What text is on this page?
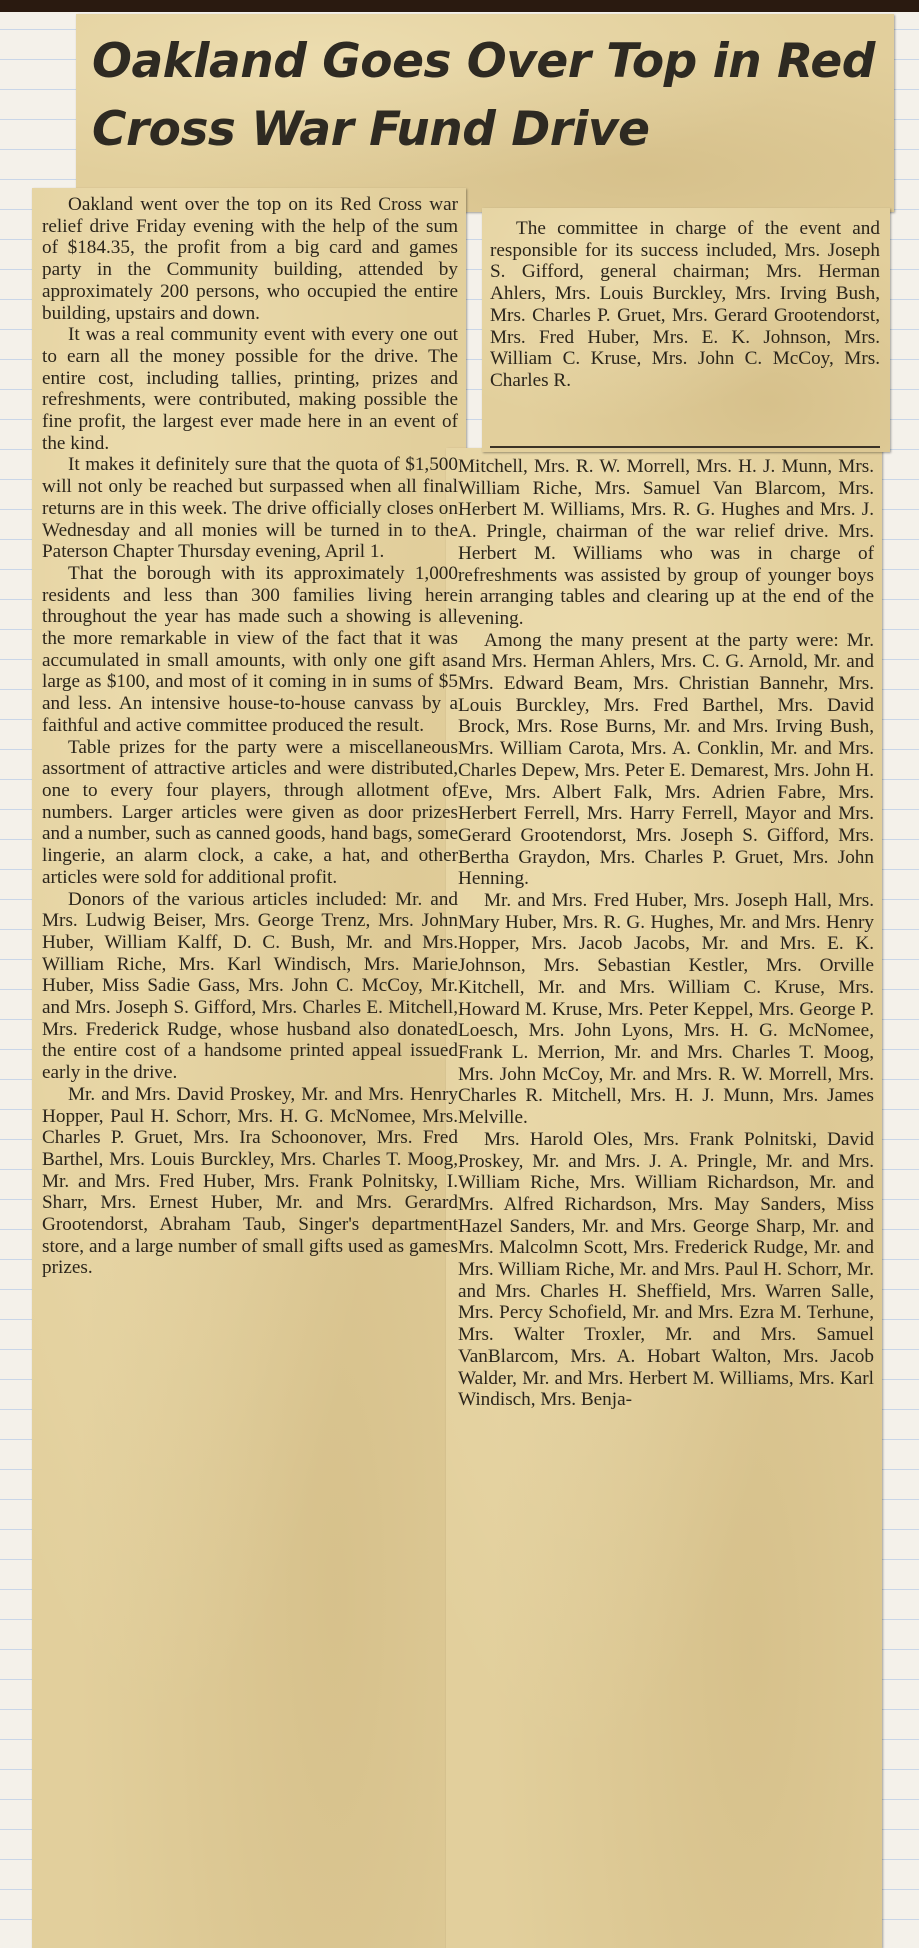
Oakland Goes Over Top in Red Cross War Fund Drive

Oakland went over the top on its Red Cross war relief drive Friday evening with the help of the sum of $184.35, the profit from a big card and games party in the Community building, attended by approximately 200 persons, who occupied the entire building, upstairs and down.

It was a real community event with every one out to earn all the money possible for the drive. The entire cost, including tallies, printing, prizes and refreshments, were contributed, making possible the fine profit, the largest ever made here in an event of the kind.

It makes it definitely sure that the quota of $1,500 will not only be reached but surpassed when all final returns are in this week. The drive officially closes on Wednesday and all monies will be turned in to the Paterson Chapter Thursday evening, April 1.

That the borough with its approximately 1,000 residents and less than 300 families living here throughout the year has made such a showing is all the more remarkable in view of the fact that it was accumulated in small amounts, with only one gift as large as $100, and most of it coming in in sums of $5 and less. An intensive house-to-house canvass by a faithful and active committee produced the result.

Table prizes for the party were a miscellaneous assortment of attractive articles and were distributed, one to every four players, through allotment of numbers. Larger articles were given as door prizes and a number, such as canned goods, hand bags, some lingerie, an alarm clock, a cake, a hat, and other articles were sold for additional profit.

Donors of the various articles included: Mr. and Mrs. Ludwig Beiser, Mrs. George Trenz, Mrs. John Huber, William Kalff, D. C. Bush, Mr. and Mrs. William Riche, Mrs. Karl Windisch, Mrs. Marie Huber, Miss Sadie Gass, Mrs. John C. McCoy, Mr. and Mrs. Joseph S. Gifford, Mrs. Charles E. Mitchell, Mrs. Frederick Rudge, whose husband also donated the entire cost of a handsome printed appeal issued early in the drive.

Mr. and Mrs. David Proskey, Mr. and Mrs. Henry Hopper, Paul H. Schorr, Mrs. H. G. McNomee, Mrs. Charles P. Gruet, Mrs. Ira Schoonover, Mrs. Fred Barthel, Mrs. Louis Burckley, Mrs. Charles T. Moog, Mr. and Mrs. Fred Huber, Mrs. Frank Polnitsky, I. Sharr, Mrs. Ernest Huber, Mr. and Mrs. Gerard Grootendorst, Abraham Taub, Singer's department store, and a large number of small gifts used as games prizes.

The committee in charge of the event and responsible for its success included, Mrs. Joseph S. Gifford, general chairman; Mrs. Herman Ahlers, Mrs. Louis Burckley, Mrs. Irving Bush, Mrs. Charles P. Gruet, Mrs. Gerard Grootendorst, Mrs. Fred Huber, Mrs. E. K. Johnson, Mrs. William C. Kruse, Mrs. John C. McCoy, Mrs. Charles R.

Mitchell, Mrs. R. W. Morrell, Mrs. H. J. Munn, Mrs. William Riche, Mrs. Samuel Van Blarcom, Mrs. Herbert M. Williams, Mrs. R. G. Hughes and Mrs. J. A. Pringle, chairman of the war relief drive. Mrs. Herbert M. Williams who was in charge of refreshments was assisted by group of younger boys in arranging tables and clearing up at the end of the evening.

Among the many present at the party were: Mr. and Mrs. Herman Ahlers, Mrs. C. G. Arnold, Mr. and Mrs. Edward Beam, Mrs. Christian Bannehr, Mrs. Louis Burckley, Mrs. Fred Barthel, Mrs. David Brock, Mrs. Rose Burns, Mr. and Mrs. Irving Bush, Mrs. William Carota, Mrs. A. Conklin, Mr. and Mrs. Charles Depew, Mrs. Peter E. Demarest, Mrs. John H. Eve, Mrs. Albert Falk, Mrs. Adrien Fabre, Mrs. Herbert Ferrell, Mrs. Harry Ferrell, Mayor and Mrs. Gerard Grootendorst, Mrs. Joseph S. Gifford, Mrs. Bertha Graydon, Mrs. Charles P. Gruet, Mrs. John Henning.

Mr. and Mrs. Fred Huber, Mrs. Joseph Hall, Mrs. Mary Huber, Mrs. R. G. Hughes, Mr. and Mrs. Henry Hopper, Mrs. Jacob Jacobs, Mr. and Mrs. E. K. Johnson, Mrs. Sebastian Kestler, Mrs. Orville Kitchell, Mr. and Mrs. William C. Kruse, Mrs. Howard M. Kruse, Mrs. Peter Keppel, Mrs. George P. Loesch, Mrs. John Lyons, Mrs. H. G. McNomee, Frank L. Merrion, Mr. and Mrs. Charles T. Moog, Mrs. John McCoy, Mr. and Mrs. R. W. Morrell, Mrs. Charles R. Mitchell, Mrs. H. J. Munn, Mrs. James Melville.

Mrs. Harold Oles, Mrs. Frank Polnitski, David Proskey, Mr. and Mrs. J. A. Pringle, Mr. and Mrs. William Riche, Mrs. William Richardson, Mr. and Mrs. Alfred Richardson, Mrs. May Sanders, Miss Hazel Sanders, Mr. and Mrs. George Sharp, Mr. and Mrs. Malcolmn Scott, Mrs. Frederick Rudge, Mr. and Mrs. William Riche, Mr. and Mrs. Paul H. Schorr, Mr. and Mrs. Charles H. Sheffield, Mrs. Warren Salle, Mrs. Percy Schofield, Mr. and Mrs. Ezra M. Terhune, Mrs. Walter Troxler, Mr. and Mrs. Samuel VanBlarcom, Mrs. A. Hobart Walton, Mrs. Jacob Walder, Mr. and Mrs. Herbert M. Williams, Mrs. Karl Windisch, Mrs. Benja-
